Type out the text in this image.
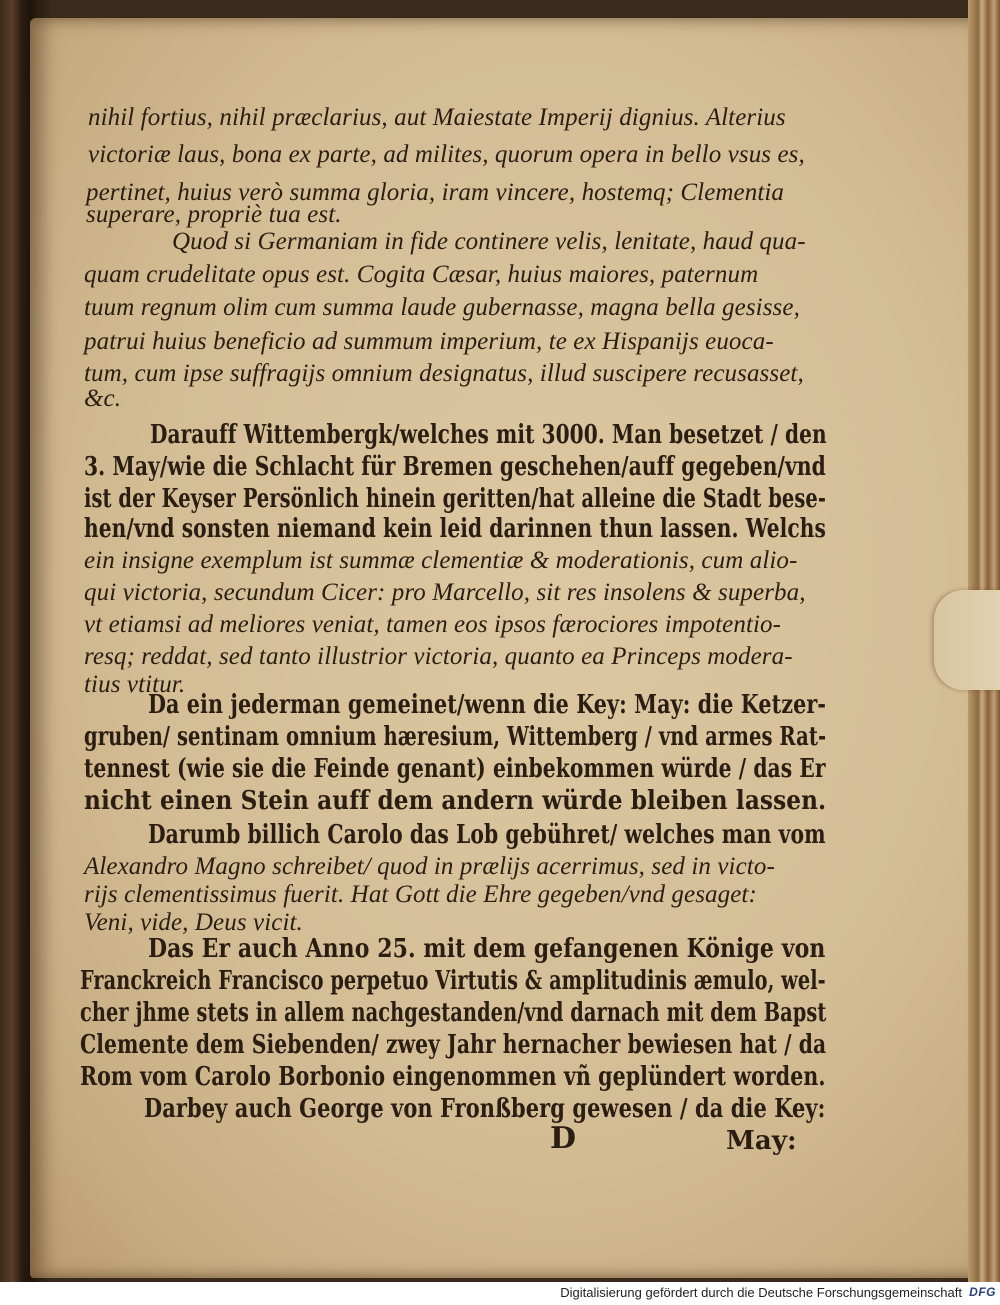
nihil fortius, nihil præclarius, aut Maiestate Imperij dignius. Alterius
victoriæ laus, bona ex parte, ad milites, quorum opera in bello vsus es,
pertinet, huius verò summa gloria, iram vincere, hostemq; Clementia
superare, propriè tua est.
Quod si Germaniam in fide continere velis, lenitate, haud qua-
quam crudelitate opus est. Cogita Cæsar, huius maiores, paternum
tuum regnum olim cum summa laude gubernasse, magna bella gesisse,
patrui huius beneficio ad summum imperium, te ex Hispanijs euoca-
tum, cum ipse suffragijs omnium designatus, illud suscipere recusasset,
&c.
Darauff Wittembergk/welches mit 3000. Man besetzet / den
3. May/wie die Schlacht für Bremen geschehen/auff gegeben/vnd
ist der Keyser Persönlich hinein geritten/hat alleine die Stadt bese-
hen/vnd sonsten niemand kein leid darinnen thun lassen. Welchs
ein insigne exemplum ist summæ clementiæ & moderationis, cum alio-
qui victoria, secundum Cicer: pro Marcello, sit res insolens & superba,
vt etiamsi ad meliores veniat, tamen eos ipsos færociores impotentio-
resq; reddat, sed tanto illustrior victoria, quanto ea Princeps modera-
tius vtitur.
Da ein jederman gemeinet/wenn die Key: May: die Ketzer-
gruben/ sentinam omnium hæresium, Wittemberg / vnd armes Rat-
tennest (wie sie die Feinde genant) einbekommen würde / das Er
nicht einen Stein auff dem andern würde bleiben lassen.
Darumb billich Carolo das Lob gebühret/ welches man vom
Alexandro Magno schreibet/ quod in prælijs acerrimus, sed in victo-
rijs clementissimus fuerit. Hat Gott die Ehre gegeben/vnd gesaget:
Veni, vide, Deus vicit.
Das Er auch Anno 25. mit dem gefangenen Könige von
Franckreich Francisco perpetuo Virtutis & amplitudinis æmulo, wel-
cher jhme stets in allem nachgestanden/vnd darnach mit dem Bapst
Clemente dem Siebenden/ zwey Jahr hernacher bewiesen hat / da
Rom vom Carolo Borbonio eingenommen vñ geplündert worden.
Darbey auch George von Fronßberg gewesen / da die Key:
D	May:
Digitalisierung gefördert durch die Deutsche Forschungsgemeinschaft DFG
